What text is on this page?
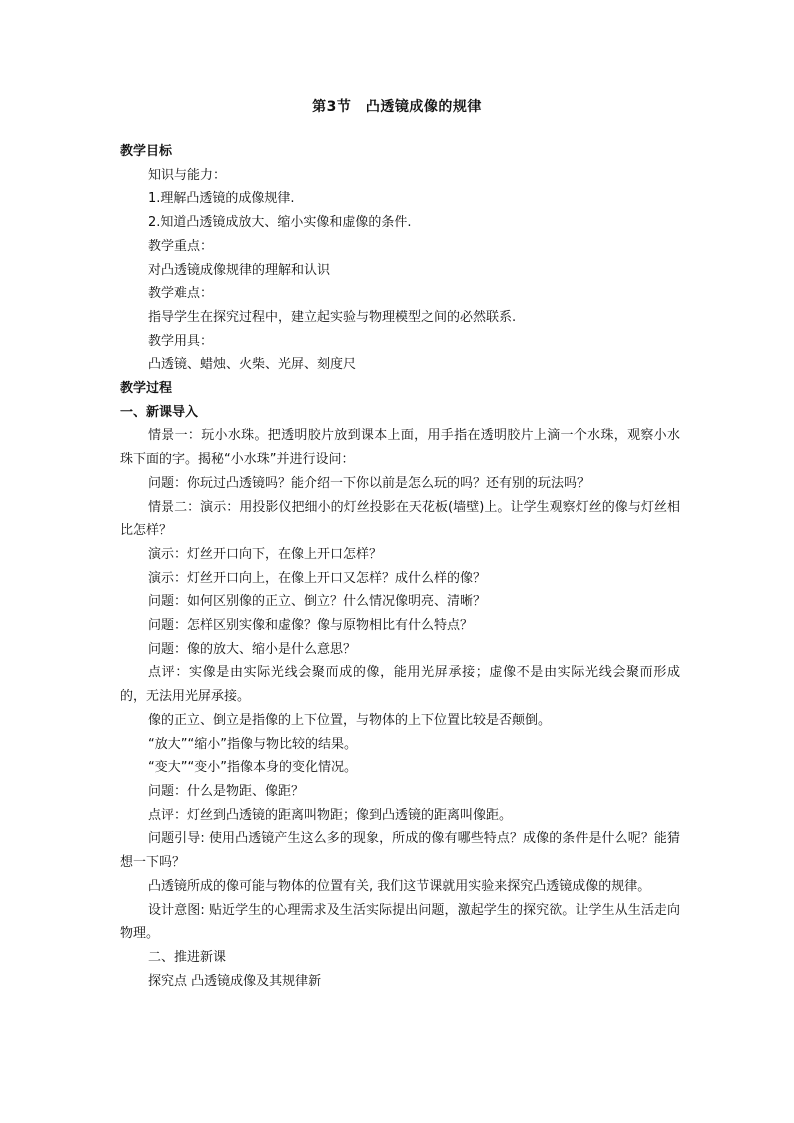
第3节　凸透镜成像的规律

教学目标

知识与能力：

1.理解凸透镜的成像规律.

2.知道凸透镜成放大、缩小实像和虚像的条件.

教学重点：

对凸透镜成像规律的理解和认识

教学难点：

指导学生在探究过程中，建立起实验与物理模型之间的必然联系.

教学用具：

凸透镜、蜡烛、火柴、光屏、刻度尺

教学过程

一、新课导入

情景一：玩小水珠。把透明胶片放到课本上面，用手指在透明胶片上滴一个水珠，观察小水珠下面的字。揭秘“小水珠”并进行设问：

问题：你玩过凸透镜吗？能介绍一下你以前是怎么玩的吗？还有别的玩法吗？

情景二：演示：用投影仪把细小的灯丝投影在天花板(墙壁)上。让学生观察灯丝的像与灯丝相比怎样？

演示：灯丝开口向下，在像上开口怎样？

演示：灯丝开口向上，在像上开口又怎样？成什么样的像？

问题：如何区别像的正立、倒立？什么情况像明亮、清晰？

问题：怎样区别实像和虚像？像与原物相比有什么特点？

问题：像的放大、缩小是什么意思？

点评：实像是由实际光线会聚而成的像，能用光屏承接；虚像不是由实际光线会聚而形成的，无法用光屏承接。

像的正立、倒立是指像的上下位置，与物体的上下位置比较是否颠倒。

“放大”“缩小”指像与物比较的结果。

“变大”“变小”指像本身的变化情况。

问题：什么是物距、像距？

点评：灯丝到凸透镜的距离叫物距；像到凸透镜的距离叫像距。

问题引导: 使用凸透镜产生这么多的现象，所成的像有哪些特点？成像的条件是什么呢？能猜想一下吗？

凸透镜所成的像可能与物体的位置有关, 我们这节课就用实验来探究凸透镜成像的规律。

设计意图: 贴近学生的心理需求及生活实际提出问题，激起学生的探究欲。让学生从生活走向物理。

二、推进新课

探究点 凸透镜成像及其规律新
